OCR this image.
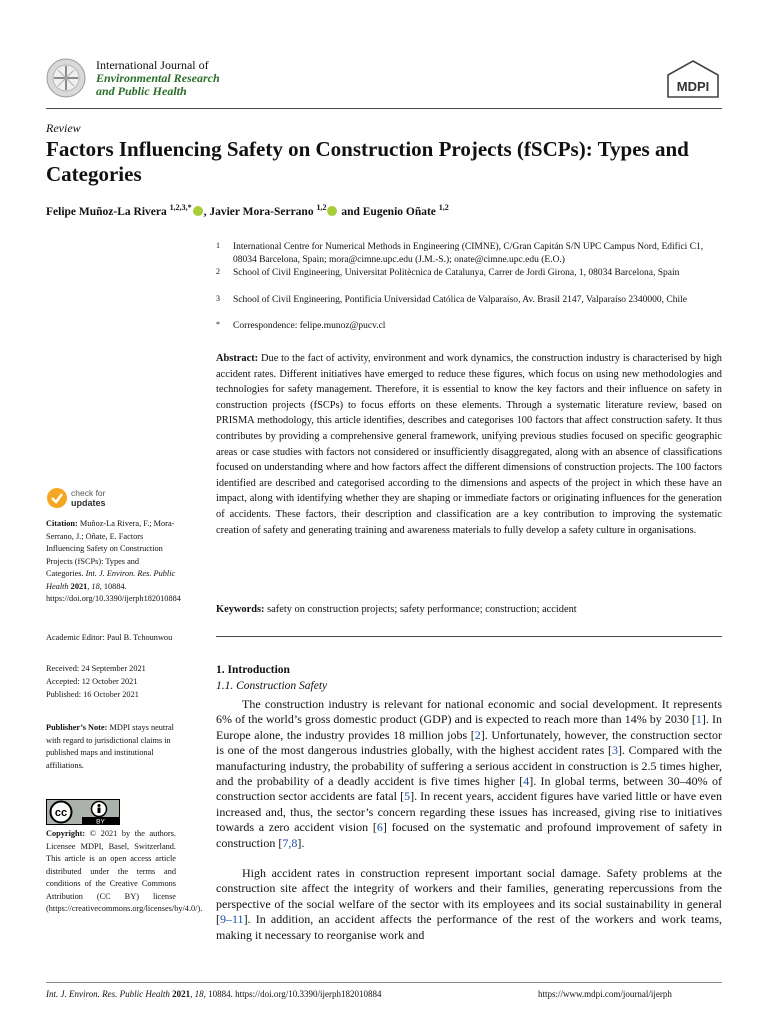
International Journal of
Environmental Research
and Public Health	MDPI
Review
Factors Influencing Safety on Construction Projects (fSCPs): Types and Categories
Felipe Muñoz-La Rivera $^{1,2,3,*}$ , Javier Mora-Serrano $^{1,2}$ and Eugenio Oñate $^{1,2}$
1	International Centre for Numerical Methods in Engineering (CIMNE), C/Gran Capitán S/N UPC Campus Nord, Edifici C1, 08034 Barcelona, Spain; mora@cimne.upc.edu (J.M.-S.); onate@cimne.upc.edu (E.O.)
2	School of Civil Engineering, Universitat Politècnica de Catalunya, Carrer de Jordi Girona, 1, 08034 Barcelona, Spain
3	School of Civil Engineering, Pontificia Universidad Católica de Valparaíso, Av. Brasil 2147, Valparaíso 2340000, Chile
*	Correspondence: felipe.munoz@pucv.cl
Abstract: Due to the fact of activity, environment and work dynamics, the construction industry is characterised by high accident rates. Different initiatives have emerged to reduce these figures, which focus on using new methodologies and technologies for safety management. Therefore, it is essential to know the key factors and their influence on safety in construction projects (fSCPs) to focus efforts on these elements. Through a systematic literature review, based on PRISMA methodology, this article identifies, describes and categorises 100 factors that affect construction safety. It thus contributes by providing a comprehensive general framework, unifying previous studies focused on specific geographic areas or case studies with factors not considered or insufficiently disaggregated, along with an absence of classifications focused on understanding where and how factors affect the different dimensions of construction projects. The 100 factors identified are described and categorised according to the dimensions and aspects of the project in which these have an impact, along with identifying whether they are shaping or immediate factors or originating influences for the generation of accidents. These factors, their description and classification are a key contribution to improving the systematic creation of safety and generating training and awareness materials to fully develop a safety culture in organisations.
Keywords: safety on construction projects; safety performance; construction; accident
check for
updates
Citation: Muñoz-La Rivera, F.; Mora-Serrano, J.; Oñate, E. Factors Influencing Safety on Construction Projects (fSCPs): Types and Categories. Int. J. Environ. Res. Public Health 2021, 18, 10884. https://doi.org/10.3390/ijerph182010884
Academic Editor: Paul B. Tchounwou
Received: 24 September 2021
Accepted: 12 October 2021
Published: 16 October 2021
Publisher’s Note: MDPI stays neutral with regard to jurisdictional claims in published maps and institutional affiliations.
cc
BY
Copyright: © 2021 by the authors. Licensee MDPI, Basel, Switzerland. This article is an open access article distributed under the terms and conditions of the Creative Commons Attribution (CC BY) license (https://creativecommons.org/licenses/by/4.0/).
1. Introduction
1.1. Construction Safety
The construction industry is relevant for national economic and social development. It represents 6% of the world’s gross domestic product (GDP) and is expected to reach more than 14% by 2030 [1]. In Europe alone, the industry provides 18 million jobs [2]. Unfortunately, however, the construction sector is one of the most dangerous industries globally, with the highest accident rates [3]. Compared with the manufacturing industry, the probability of suffering a serious accident in construction is 2.5 times higher, and the probability of a deadly accident is five times higher [4]. In global terms, between 30–40% of construction sector accidents are fatal [5]. In recent years, accident figures have varied little or have even increased and, thus, the sector’s concern regarding these issues has increased, giving rise to initiatives towards a zero accident vision [6] focused on the systematic and profound improvement of safety in construction [7,8].
High accident rates in construction represent important social damage. Safety problems at the construction site affect the integrity of workers and their families, generating repercussions from the perspective of the social welfare of the sector with its employees and its social sustainability in general [9–11]. In addition, an accident affects the performance of the rest of the workers and work teams, making it necessary to reorganise work and
Int. J. Environ. Res. Public Health 2021, 18, 10884. https://doi.org/10.3390/ijerph182010884	https://www.mdpi.com/journal/ijerph
